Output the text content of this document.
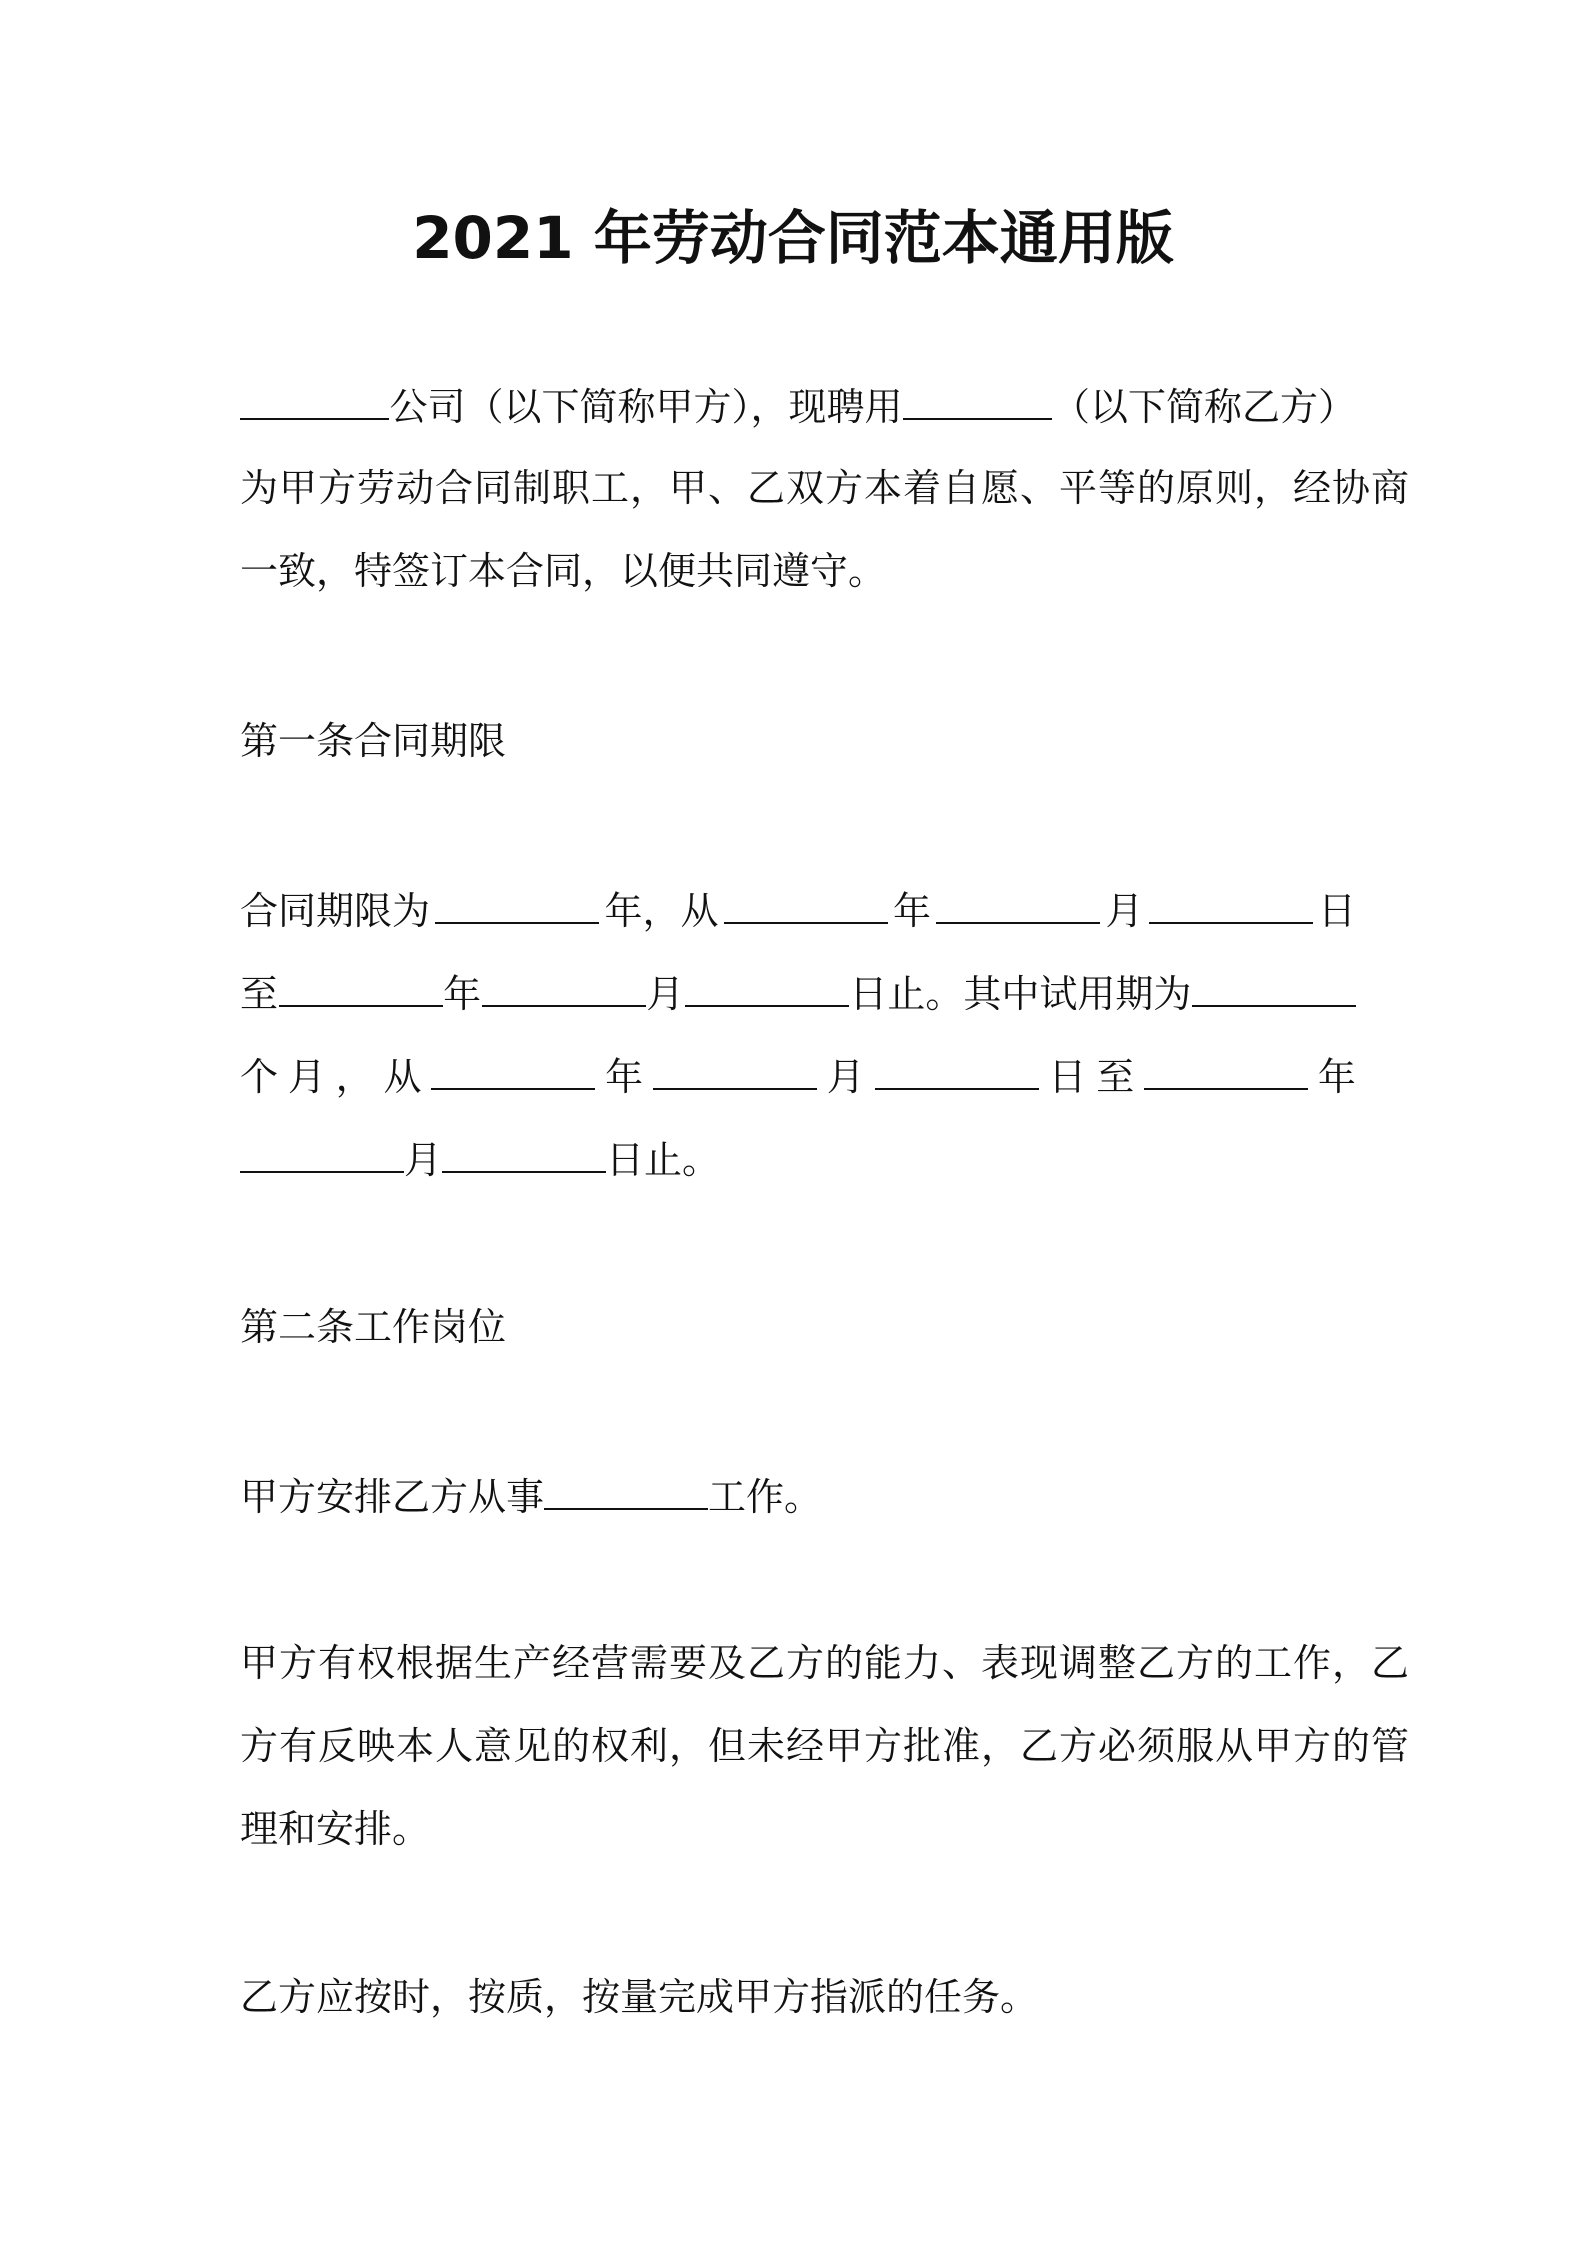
2021 年劳动合同范本通用版
公司（以下简称甲方），现聘用	（以下简称乙方）
为甲方劳动合同制职工，甲、乙双方本着自愿、平等的原则，经协商
一致，特签订本合同，以便共同遵守。
第一条合同期限
合同期限为	年，从	年	月	日
至	年	月	日止。其中试用期为
个 月 ， 从	年	月	日 至	年
月	日止。
第二条工作岗位
甲方安排乙方从事	工作。
甲方有权根据生产经营需要及乙方的能力、表现调整乙方的工作，乙
方有反映本人意见的权利，但未经甲方批准，乙方必须服从甲方的管
理和安排。
乙方应按时，按质，按量完成甲方指派的任务。
